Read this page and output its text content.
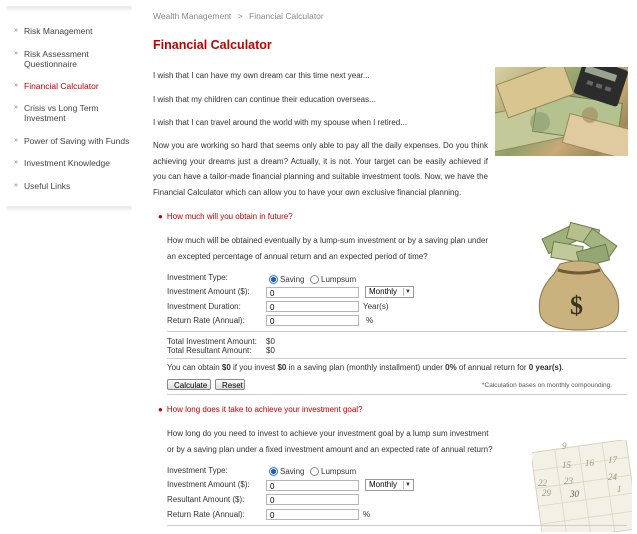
» Risk Management
» Risk Assessment Questionnaire
» Financial Calculator
» Crisis vs Long Term Investment
» Power of Saving with Funds
» Investment Knowledge
» Useful Links
Wealth Management > Financial Calculator
Financial Calculator
I wish that I can have my own dream car this time next year...
I wish that my children can continue their education overseas...
I wish that I can travel around the world with my spouse when I retired...
Now you are working so hard that seems only able to pay all the daily expenses. Do you think achieving your dreams just a dream? Actually, it is not. Your target can be easily achieved if you can have a tailor-made financial planning and suitable investment tools. Now, we have the Financial Calculator which can allow you to have your own exclusive financial planning.
● How much will you obtain in future?
How much will be obtained eventually by a lump-sum investment or by a saving plan under an excepted percentage of annual return and an expected period of time?
$
Investment Type:	Saving Lumpsum
Investment Amount ($):	0	Monthly	▼
Investment Duration:	0	Year(s)
Return Rate (Annual):	0	%
Total Investment Amount: $0
Total Resultant Amount: $0
You can obtain $0 if you invest $0 in a saving plan (monthly installment) under 0% of annual return for 0 year(s).
Calculate	Reset	*Calculation bases on monthly compounding.
● How long does it take to achieve your investment goal?
How long do you need to invest to achieve your investment goal by a lump sum investment or by a saving plan under a fixed investment amount and an expected rate of annual return?	9
15 16 17
22 23	24
29 30	1
Investment Type:	Saving Lumpsum
Investment Amount ($):	0	Monthly	▼
Resultant Amount ($):	0
Return Rate (Annual):	0	%
